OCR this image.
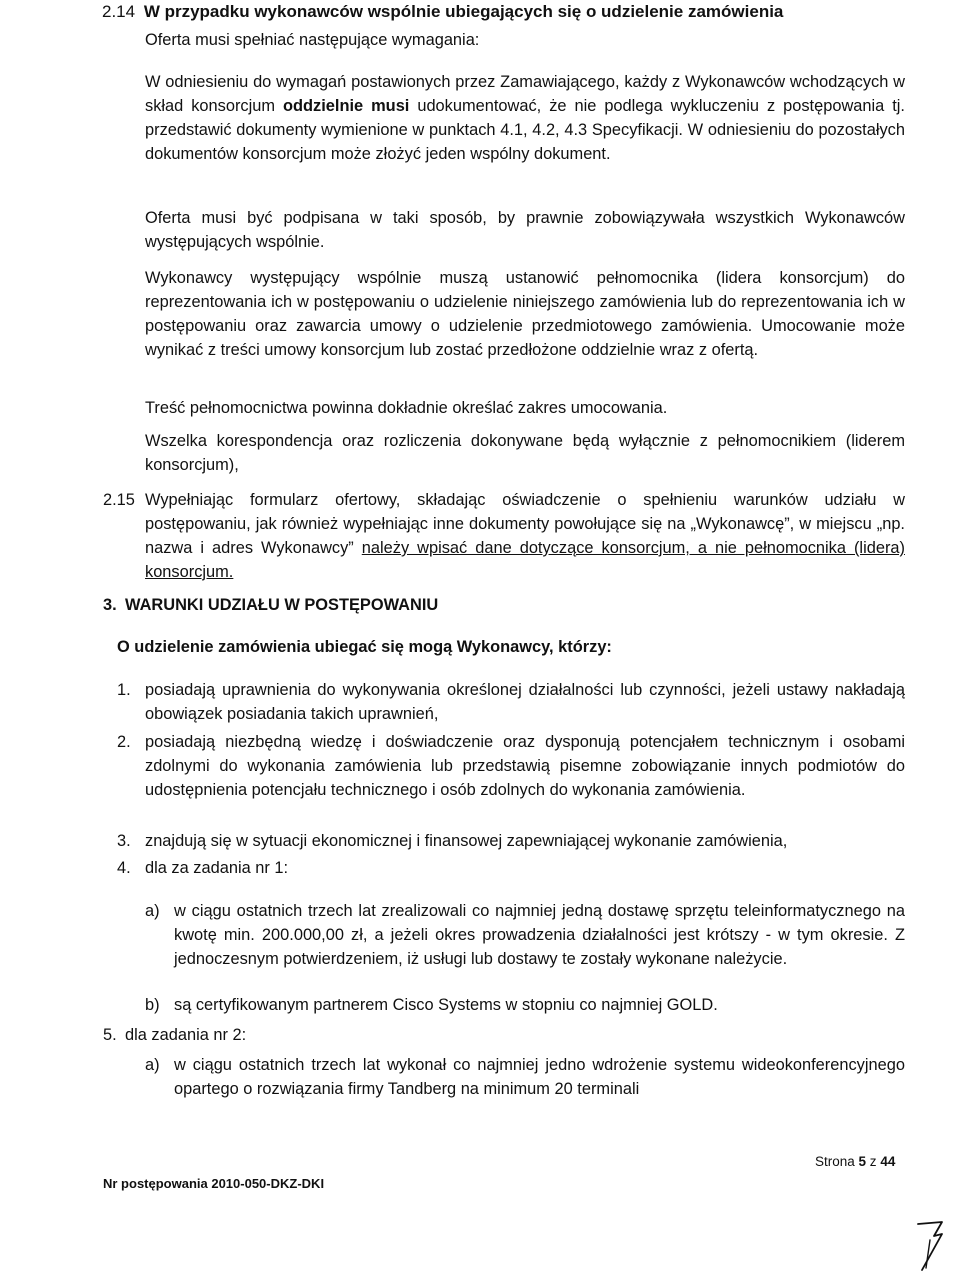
2.14 W przypadku wykonawców wspólnie ubiegających się o udzielenie zamówienia
Oferta musi spełniać następujące wymagania:

W odniesieniu do wymagań postawionych przez Zamawiającego, każdy z Wykonawców wchodzących w skład konsorcjum oddzielnie musi udokumentować, że nie podlega wykluczeniu z postępowania tj. przedstawić dokumenty wymienione w punktach 4.1, 4.2, 4.3 Specyfikacji. W odniesieniu do pozostałych dokumentów konsorcjum może złożyć jeden wspólny dokument.

Oferta musi być podpisana w taki sposób, by prawnie zobowiązywała wszystkich Wykonawców występujących wspólnie.

Wykonawcy występujący wspólnie muszą ustanowić pełnomocnika (lidera konsorcjum) do reprezentowania ich w postępowaniu o udzielenie niniejszego zamówienia lub do reprezentowania ich w postępowaniu oraz zawarcia umowy o udzielenie przedmiotowego zamówienia. Umocowanie może wynikać z treści umowy konsorcjum lub zostać przedłożone oddzielnie wraz z ofertą.

Treść pełnomocnictwa powinna dokładnie określać zakres umocowania.

Wszelka korespondencja oraz rozliczenia dokonywane będą wyłącznie z pełnomocnikiem (liderem konsorcjum),

2.15 Wypełniając formularz ofertowy, składając oświadczenie o spełnieniu warunków udziału w postępowaniu, jak również wypełniając inne dokumenty powołujące się na „Wykonawcę”, w miejscu „np. nazwa i adres Wykonawcy” należy wpisać dane dotyczące konsorcjum, a nie pełnomocnika (lidera) konsorcjum.

3. WARUNKI UDZIAŁU W POSTĘPOWANIU
O udzielenie zamówienia ubiegać się mogą Wykonawcy, którzy:
1. posiadają uprawnienia do wykonywania określonej działalności lub czynności, jeżeli ustawy nakładają obowiązek posiadania takich uprawnień,

2. posiadają niezbędną wiedzę i doświadczenie oraz dysponują potencjałem technicznym i osobami zdolnymi do wykonania zamówienia lub przedstawią pisemne zobowiązanie innych podmiotów do udostępnienia potencjału technicznego i osób zdolnych do wykonania zamówienia.

3. znajdują się w sytuacji ekonomicznej i finansowej zapewniającej wykonanie zamówienia,

4. dla za zadania nr 1:

a) w ciągu ostatnich trzech lat zrealizowali co najmniej jedną dostawę sprzętu teleinformatycznego na kwotę min. 200.000,00 zł, a jeżeli okres prowadzenia działalności jest krótszy - w tym okresie. Z jednoczesnym potwierdzeniem, iż usługi lub dostawy te zostały wykonane należycie.

b) są certyfikowanym partnerem Cisco Systems w stopniu co najmniej GOLD.

5. dla zadania nr 2:

a) w ciągu ostatnich trzech lat wykonał co najmniej jedno wdrożenie systemu wideokonferencyjnego opartego o rozwiązania firmy Tandberg na minimum 20 terminali

Strona 5 z 44
Nr postępowania 2010-050-DKZ-DKI
